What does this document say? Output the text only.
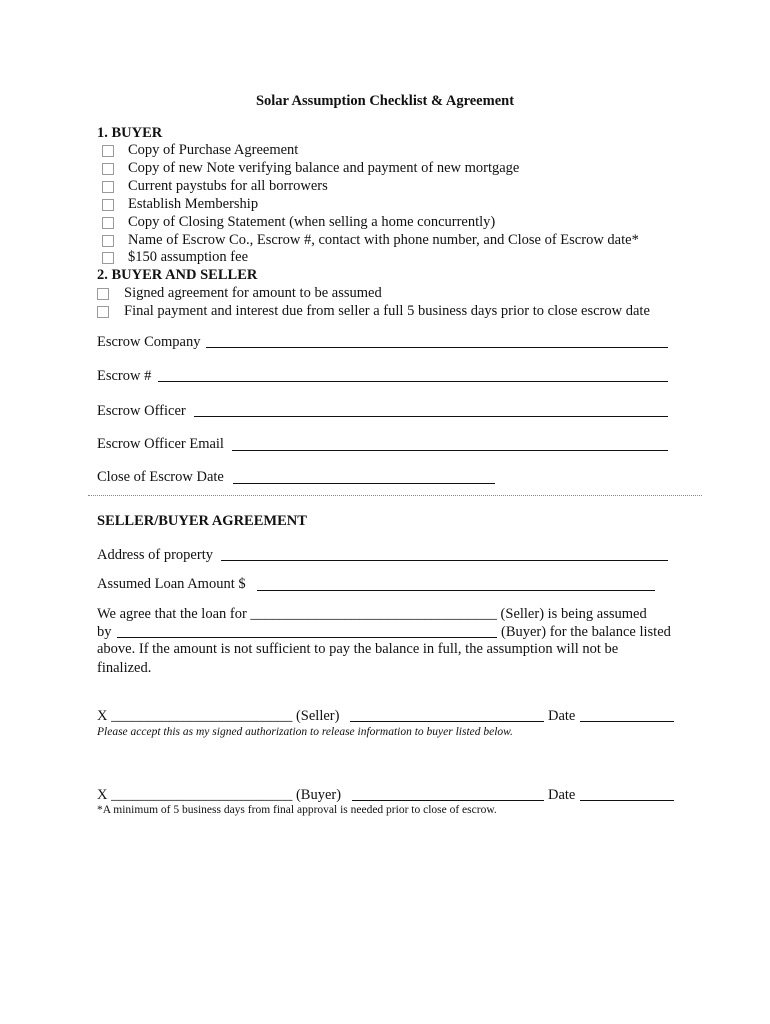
Solar Assumption Checklist & Agreement
1. BUYER
Copy of Purchase Agreement
Copy of new Note verifying balance and payment of new mortgage
Current paystubs for all borrowers
Establish Membership
Copy of Closing Statement (when selling a home concurrently)
Name of Escrow Co., Escrow #, contact with phone number, and Close of Escrow date*
$150 assumption fee
2. BUYER AND SELLER
Signed agreement for amount to be assumed
Final payment and interest due from seller a full 5 business days prior to close escrow date
Escrow Company
Escrow #
Escrow Officer
Escrow Officer Email
Close of Escrow Date
SELLER/BUYER AGREEMENT
Address of property
Assumed Loan Amount $
We agree that the loan for __________________________________ (Seller) is being assumed
by	(Buyer) for the balance listed
above. If the amount is not sufficient to pay the balance in full, the assumption will not be
finalized.
X _________________________ (Seller)	Date
Please accept this as my signed authorization to release information to buyer listed below.
X _________________________ (Buyer)	Date
*A minimum of 5 business days from final approval is needed prior to close of escrow.
